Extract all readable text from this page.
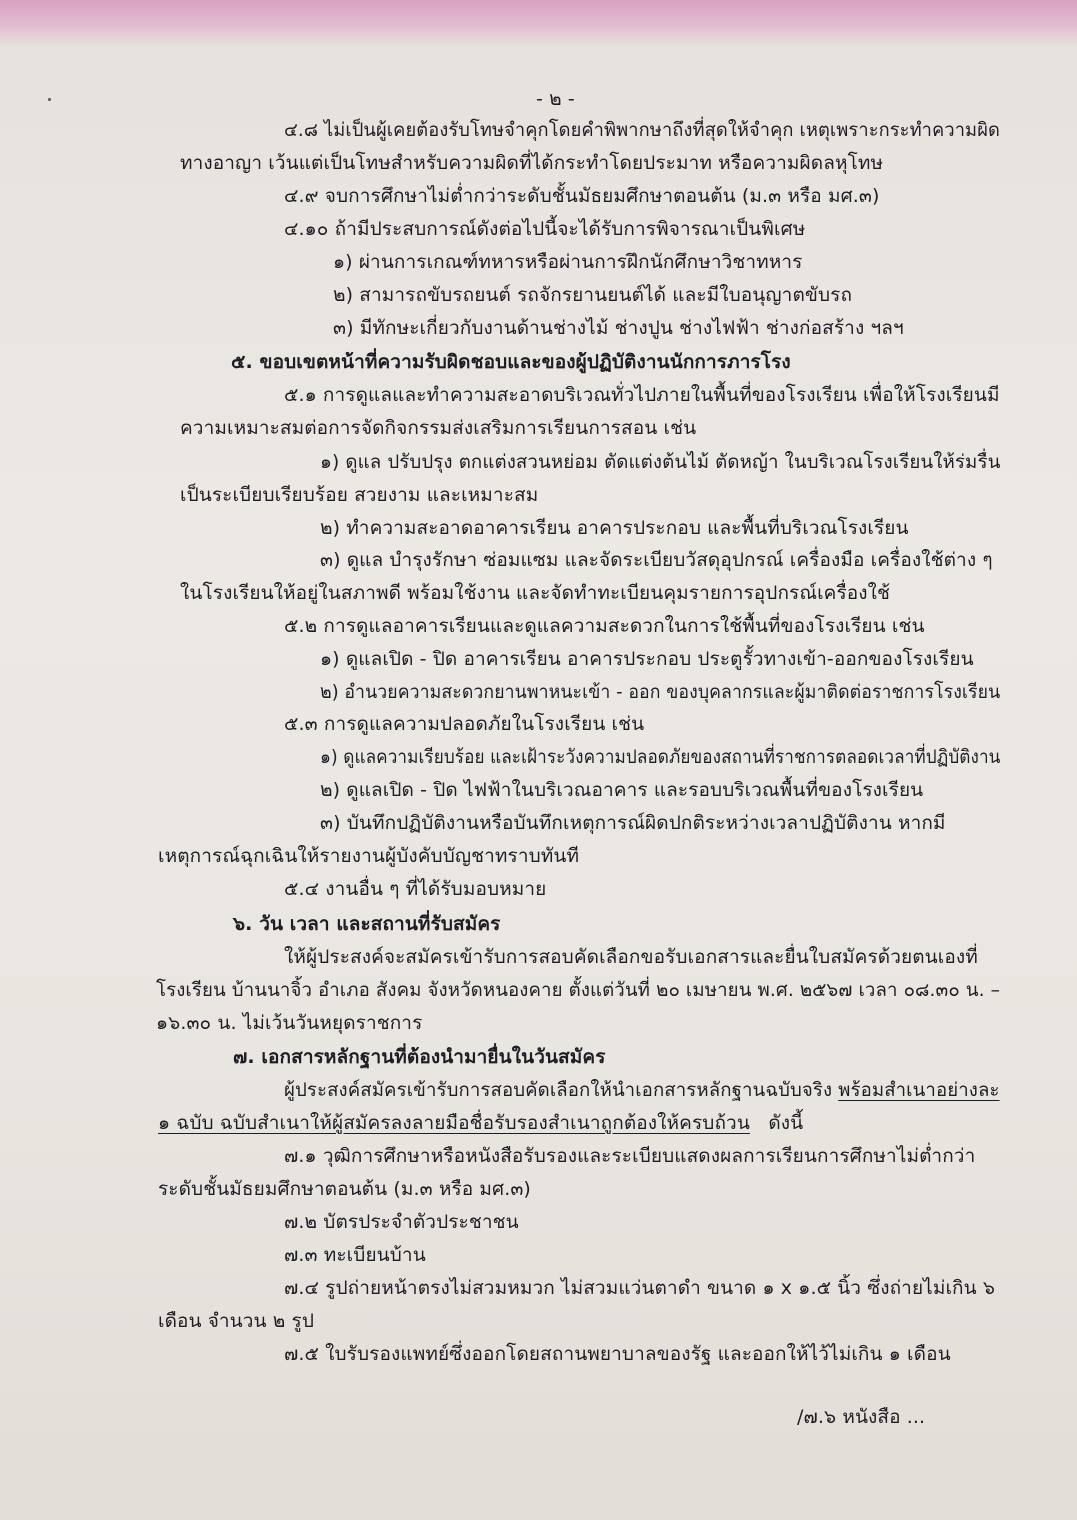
- ๒ -
๔.๘ ไม่เป็นผู้เคยต้องรับโทษจำคุกโดยคำพิพากษาถึงที่สุดให้จำคุก เหตุเพราะกระทำความผิด
ทางอาญา เว้นแต่เป็นโทษสำหรับความผิดที่ได้กระทำโดยประมาท หรือความผิดลหุโทษ
๔.๙ จบการศึกษาไม่ต่ำกว่าระดับชั้นมัธยมศึกษาตอนต้น (ม.๓ หรือ มศ.๓)
๔.๑๐ ถ้ามีประสบการณ์ดังต่อไปนี้จะได้รับการพิจารณาเป็นพิเศษ
๑) ผ่านการเกณฑ์ทหารหรือผ่านการฝึกนักศึกษาวิชาทหาร
๒) สามารถขับรถยนต์ รถจักรยานยนต์ได้ และมีใบอนุญาตขับรถ
๓) มีทักษะเกี่ยวกับงานด้านช่างไม้ ช่างปูน ช่างไฟฟ้า ช่างก่อสร้าง ฯลฯ
๕. ขอบเขตหน้าที่ความรับผิดชอบและของผู้ปฏิบัติงานนักการภารโรง
๕.๑ การดูแลและทำความสะอาดบริเวณทั่วไปภายในพื้นที่ของโรงเรียน เพื่อให้โรงเรียนมี
ความเหมาะสมต่อการจัดกิจกรรมส่งเสริมการเรียนการสอน เช่น
๑) ดูแล ปรับปรุง ตกแต่งสวนหย่อม ตัดแต่งต้นไม้ ตัดหญ้า ในบริเวณโรงเรียนให้ร่มรื่น
เป็นระเบียบเรียบร้อย สวยงาม และเหมาะสม
๒) ทำความสะอาดอาคารเรียน อาคารประกอบ และพื้นที่บริเวณโรงเรียน
๓) ดูแล บำรุงรักษา ซ่อมแซม และจัดระเบียบวัสดุอุปกรณ์ เครื่องมือ เครื่องใช้ต่าง ๆ
ในโรงเรียนให้อยู่ในสภาพดี พร้อมใช้งาน และจัดทำทะเบียนคุมรายการอุปกรณ์เครื่องใช้
๕.๒ การดูแลอาคารเรียนและดูแลความสะดวกในการใช้พื้นที่ของโรงเรียน เช่น
๑) ดูแลเปิด - ปิด อาคารเรียน อาคารประกอบ ประตูรั้วทางเข้า-ออกของโรงเรียน
๒) อำนวยความสะดวกยานพาหนะเข้า - ออก ของบุคลากรและผู้มาติดต่อราชการโรงเรียน
๕.๓ การดูแลความปลอดภัยในโรงเรียน เช่น
๑) ดูแลความเรียบร้อย และเฝ้าระวังความปลอดภัยของสถานที่ราชการตลอดเวลาที่ปฏิบัติงาน
๒) ดูแลเปิด - ปิด ไฟฟ้าในบริเวณอาคาร และรอบบริเวณพื้นที่ของโรงเรียน
๓) บันทึกปฏิบัติงานหรือบันทึกเหตุการณ์ผิดปกติระหว่างเวลาปฏิบัติงาน หากมี
เหตุการณ์ฉุกเฉินให้รายงานผู้บังคับบัญชาทราบทันที
๕.๔ งานอื่น ๆ ที่ได้รับมอบหมาย
๖. วัน เวลา และสถานที่รับสมัคร
ให้ผู้ประสงค์จะสมัครเข้ารับการสอบคัดเลือกขอรับเอกสารและยื่นใบสมัครด้วยตนเองที่
โรงเรียน บ้านนาจิ้ว อำเภอ สังคม จังหวัดหนองคาย ตั้งแต่วันที่ ๒๐ เมษายน พ.ศ. ๒๕๖๗ เวลา ๐๘.๓๐ น. –
๑๖.๓๐ น. ไม่เว้นวันหยุดราชการ
๗. เอกสารหลักฐานที่ต้องนำมายื่นในวันสมัคร
ผู้ประสงค์สมัครเข้ารับการสอบคัดเลือกให้นำเอกสารหลักฐานฉบับจริง พร้อมสำเนาอย่างละ
๑ ฉบับ ฉบับสำเนาให้ผู้สมัครลงลายมือชื่อรับรองสำเนาถูกต้องให้ครบถ้วน ดังนี้
๗.๑ วุฒิการศึกษาหรือหนังสือรับรองและระเบียบแสดงผลการเรียนการศึกษาไม่ต่ำกว่า
ระดับชั้นมัธยมศึกษาตอนต้น (ม.๓ หรือ มศ.๓)
๗.๒ บัตรประจำตัวประชาชน
๗.๓ ทะเบียนบ้าน
๗.๔ รูปถ่ายหน้าตรงไม่สวมหมวก ไม่สวมแว่นตาดำ ขนาด ๑ x ๑.๕ นิ้ว ซึ่งถ่ายไม่เกิน ๖
เดือน จำนวน ๒ รูป
๗.๕ ใบรับรองแพทย์ซึ่งออกโดยสถานพยาบาลของรัฐ และออกให้ไว้ไม่เกิน ๑ เดือน
/๗.๖ หนังสือ ...
